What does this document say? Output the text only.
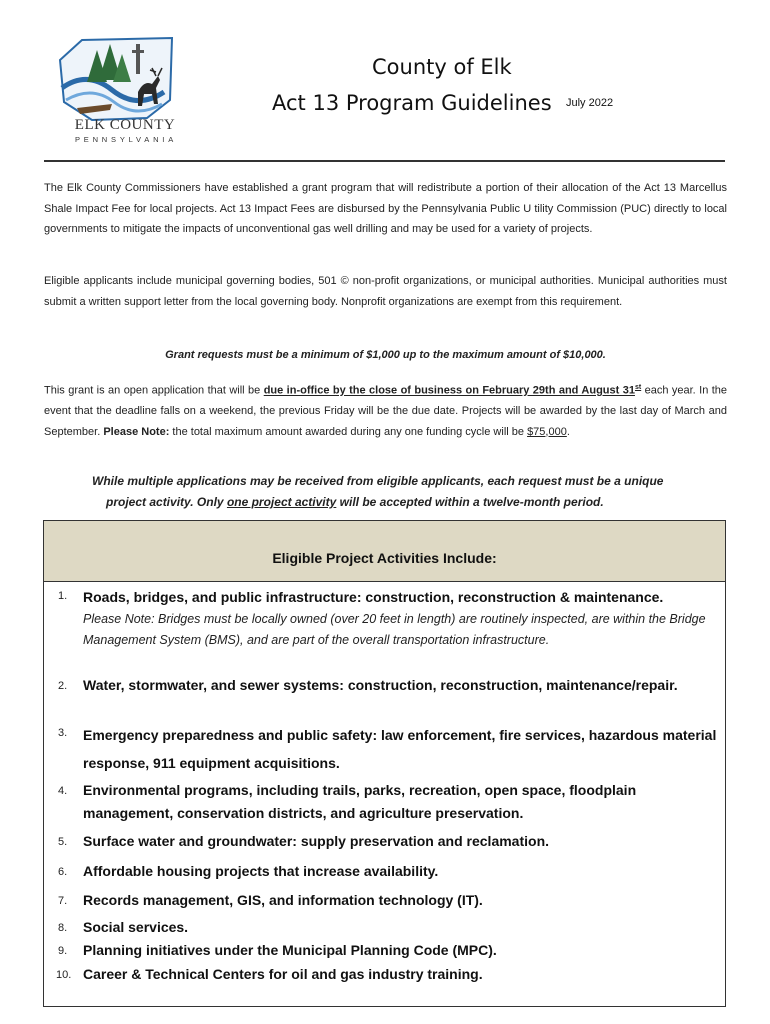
ELK COUNTY
PENNSYLVANIA
County of Elk
Act 13 Program Guidelines July 2022
The Elk County Commissioners have established a grant program that will redistribute a portion of their allocation of the Act 13 Marcellus Shale Impact Fee for local projects. Act 13 Impact Fees are disbursed by the Pennsylvania Public U tility Commission (PUC) directly to local governments to mitigate the impacts of unconventional gas well drilling and may be used for a variety of projects.
Eligible applicants include municipal governing bodies, 501 © non-profit organizations, or municipal authorities. Municipal authorities must submit a written support letter from the local governing body. Nonprofit organizations are exempt from this requirement.
Grant requests must be a minimum of $1,000 up to the maximum amount of $10,000.
This grant is an open application that will be due in-office by the close of business on February 29th and August 31st each year. In the event that the deadline falls on a weekend, the previous Friday will be the due date. Projects will be awarded by the last day of March and September. Please Note: the total maximum amount awarded during any one funding cycle will be $75,000.
While multiple applications may be received from eligible applicants, each request must be a unique
project activity. Only one project activity will be accepted within a twelve-month period.
Eligible Project Activities Include:
1.	Roads, bridges, and public infrastructure: construction, reconstruction & maintenance.
Please Note: Bridges must be locally owned (over 20 feet in length) are routinely inspected, are within the Bridge Management System (BMS), and are part of the overall transportation infrastructure.
2.	Water, stormwater, and sewer systems: construction, reconstruction, maintenance/repair.
3.	Emergency preparedness and public safety: law enforcement, fire services, hazardous material response, 911 equipment acquisitions.
4.	Environmental programs, including trails, parks, recreation, open space, floodplain management, conservation districts, and agriculture preservation.
5.	Surface water and groundwater: supply preservation and reclamation.
6.	Affordable housing projects that increase availability.
7.	Records management, GIS, and information technology (IT).
8.	Social services.
9.	Planning initiatives under the Municipal Planning Code (MPC).
10. Career & Technical Centers for oil and gas industry training.
